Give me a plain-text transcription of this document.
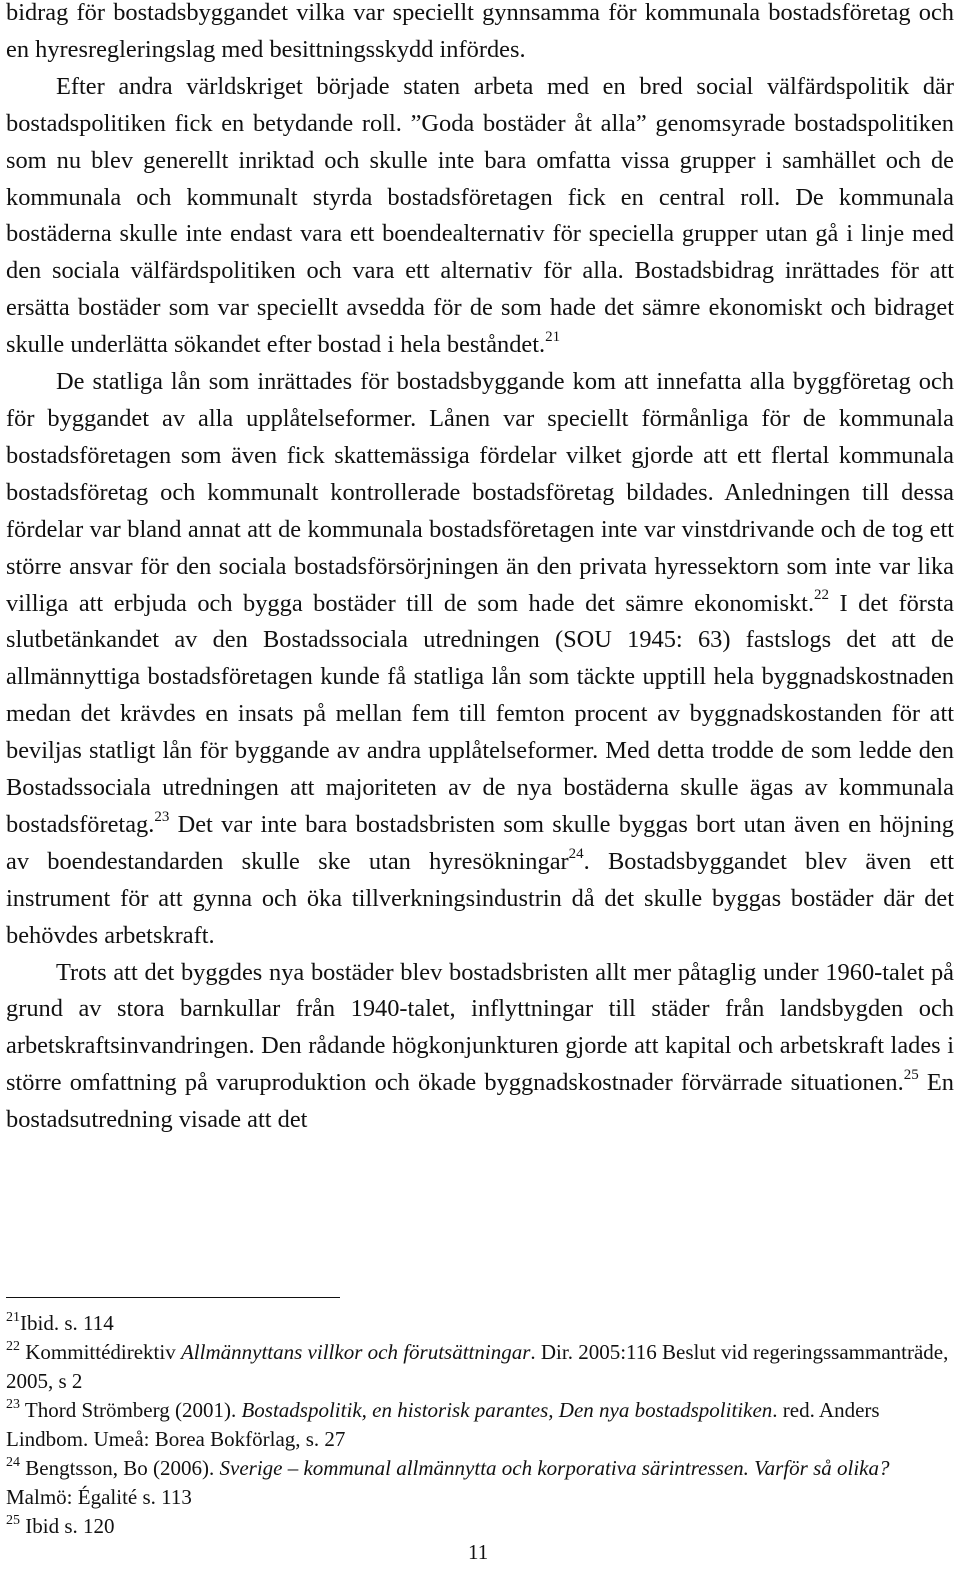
bidrag för bostadsbyggandet vilka var speciellt gynnsamma för kommunala bostadsföretag och en hyresregleringslag med besittningsskydd infördes.

Efter andra världskriget började staten arbeta med en bred social välfärdspolitik där bostadspolitiken fick en betydande roll. ”Goda bostäder åt alla” genomsyrade bostadspolitiken som nu blev generellt inriktad och skulle inte bara omfatta vissa grupper i samhället och de kommunala och kommunalt styrda bostadsföretagen fick en central roll. De kommunala bostäderna skulle inte endast vara ett boendealternativ för speciella grupper utan gå i linje med den sociala välfärdspolitiken och vara ett alternativ för alla. Bostadsbidrag inrättades för att ersätta bostäder som var speciellt avsedda för de som hade det sämre ekonomiskt och bidraget skulle underlätta sökandet efter bostad i hela beståndet.$^{21}$

De statliga lån som inrättades för bostadsbyggande kom att innefatta alla byggföretag och för byggandet av alla upplåtelseformer. Lånen var speciellt förmånliga för de kommunala bostadsföretagen som även fick skattemässiga fördelar vilket gjorde att ett flertal kommunala bostadsföretag och kommunalt kontrollerade bostadsföretag bildades. Anledningen till dessa fördelar var bland annat att de kommunala bostadsföretagen inte var vinstdrivande och de tog ett större ansvar för den sociala bostadsförsörjningen än den privata hyressektorn som inte var lika villiga att erbjuda och bygga bostäder till de som hade det sämre ekonomiskt.$^{22}$ I det första slutbetänkandet av den Bostadssociala utredningen (SOU 1945: 63) fastslogs det att de allmännyttiga bostadsföretagen kunde få statliga lån som täckte upptill hela byggnadskostnaden medan det krävdes en insats på mellan fem till femton procent av byggnadskostanden för att beviljas statligt lån för byggande av andra upplåtelseformer. Med detta trodde de som ledde den Bostadssociala utredningen att majoriteten av de nya bostäderna skulle ägas av kommunala bostadsföretag.$^{23}$ Det var inte bara bostadsbristen som skulle byggas bort utan även en höjning av boendestandarden skulle ske utan hyresökningar$^{24}$. Bostadsbyggandet blev även ett instrument för att gynna och öka tillverkningsindustrin då det skulle byggas bostäder där det behövdes arbetskraft.

Trots att det byggdes nya bostäder blev bostadsbristen allt mer påtaglig under 1960-talet på grund av stora barnkullar från 1940-talet, inflyttningar till städer från landsbygden och arbetskraftsinvandringen. Den rådande högkonjunkturen gjorde att kapital och arbetskraft lades i större omfattning på varuproduktion och ökade byggnadskostnader förvärrade situationen.$^{25}$ En bostadsutredning visade att det

$^{21}$Ibid. s. 114

$^{22}$ Kommittédirektiv Allmännyttans villkor och förutsättningar. Dir. 2005:116 Beslut vid regeringssammanträde, 2005, s 2

$^{23}$ Thord Strömberg (2001). Bostadspolitik, en historisk parantes, Den nya bostadspolitiken. red. Anders Lindbom. Umeå: Borea Bokförlag, s. 27

$^{24}$ Bengtsson, Bo (2006). Sverige – kommunal allmännytta och korporativa särintressen. Varför så olika? Malmö: Égalité s. 113

$^{25}$ Ibid s. 120

11
